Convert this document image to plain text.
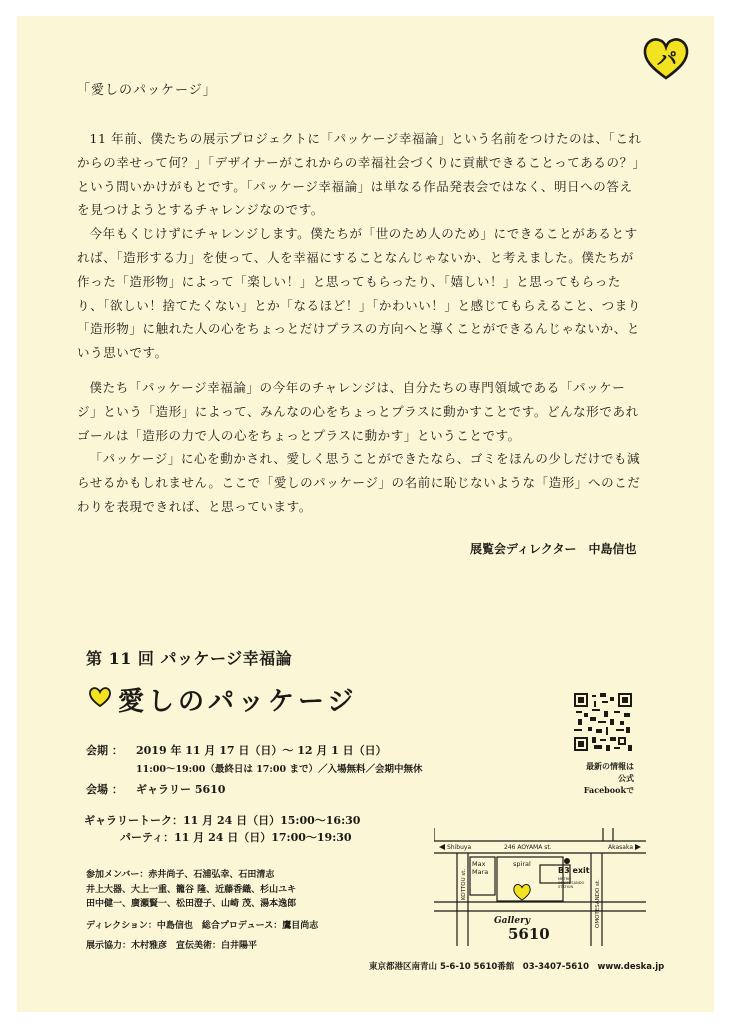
パ
「愛しのパッケージ」

11 年前、僕たちの展示プロジェクトに「パッケージ幸福論」という名前をつけたのは、「これからの幸せって何？」「デザイナーがこれからの幸福社会づくりに貢献できることってあるの？」という問いかけがもとです。「パッケージ幸福論」は単なる作品発表会ではなく、明日への答えを見つけようとするチャレンジなのです。

今年もくじけずにチャレンジします。僕たちが「世のため人のため」にできることがあるとすれば、「造形する力」を使って、人を幸福にすることなんじゃないか、と考えました。僕たちが作った「造形物」によって「楽しい！」と思ってもらったり、「嬉しい！」と思ってもらったり、「欲しい！捨てたくない」とか「なるほど！」「かわいい！」と感じてもらえること、つまり「造形物」に触れた人の心をちょっとだけプラスの方向へと導くことができるんじゃないか、という思いです。

僕たち「パッケージ幸福論」の今年のチャレンジは、自分たちの専門領域である「パッケージ」という「造形」によって、みんなの心をちょっとプラスに動かすことです。どんな形であれゴールは「造形の力で人の心をちょっとプラスに動かす」ということです。

「パッケージ」に心を動かされ、愛しく思うことができたなら、ゴミをほんの少しだけでも減らせるかもしれません。ここで「愛しのパッケージ」の名前に恥じないような「造形」へのこだわりを表現できれば、と思っています。

展覧会ディレクター　中島信也
第 11 回 パッケージ幸福論
愛しのパッケージ
会期 ： 2019 年 11 月 17 日（日）〜 12 月 1 日（日）
11:00〜19:00（最終日は 17:00 まで）／入場無料／会期中無休
会場 ： ギャラリー 5610
ギャラリートーク：11 月 24 日（日）15:00〜16:30
パーティ：11 月 24 日（日）17:00〜19:30
参加メンバー：赤井尚子、石浦弘幸、石田清志
井上大器、大上一重、籠谷 隆、近藤香織、杉山ユキ
田中健一、廣瀬賢一、松田澄子、山崎 茂、湯本逸郎
ディレクション：中島信也　総合プロデュース：鷹目尚志
展示協力：木村雅彦　宣伝美術：白井陽平
最新の情報は
公式 Facebookで
Shibuya	246 AOYAMA st.	Akasaka
Max
Mara
spiral
B3 exit
METRO
OMOTESANDO
STATION
KOTTOU st.	OMOTESANDO st.
Gallery
5610
東京都港区南青山 5-6-10 5610番館　03-3407-5610　www.deska.jp
